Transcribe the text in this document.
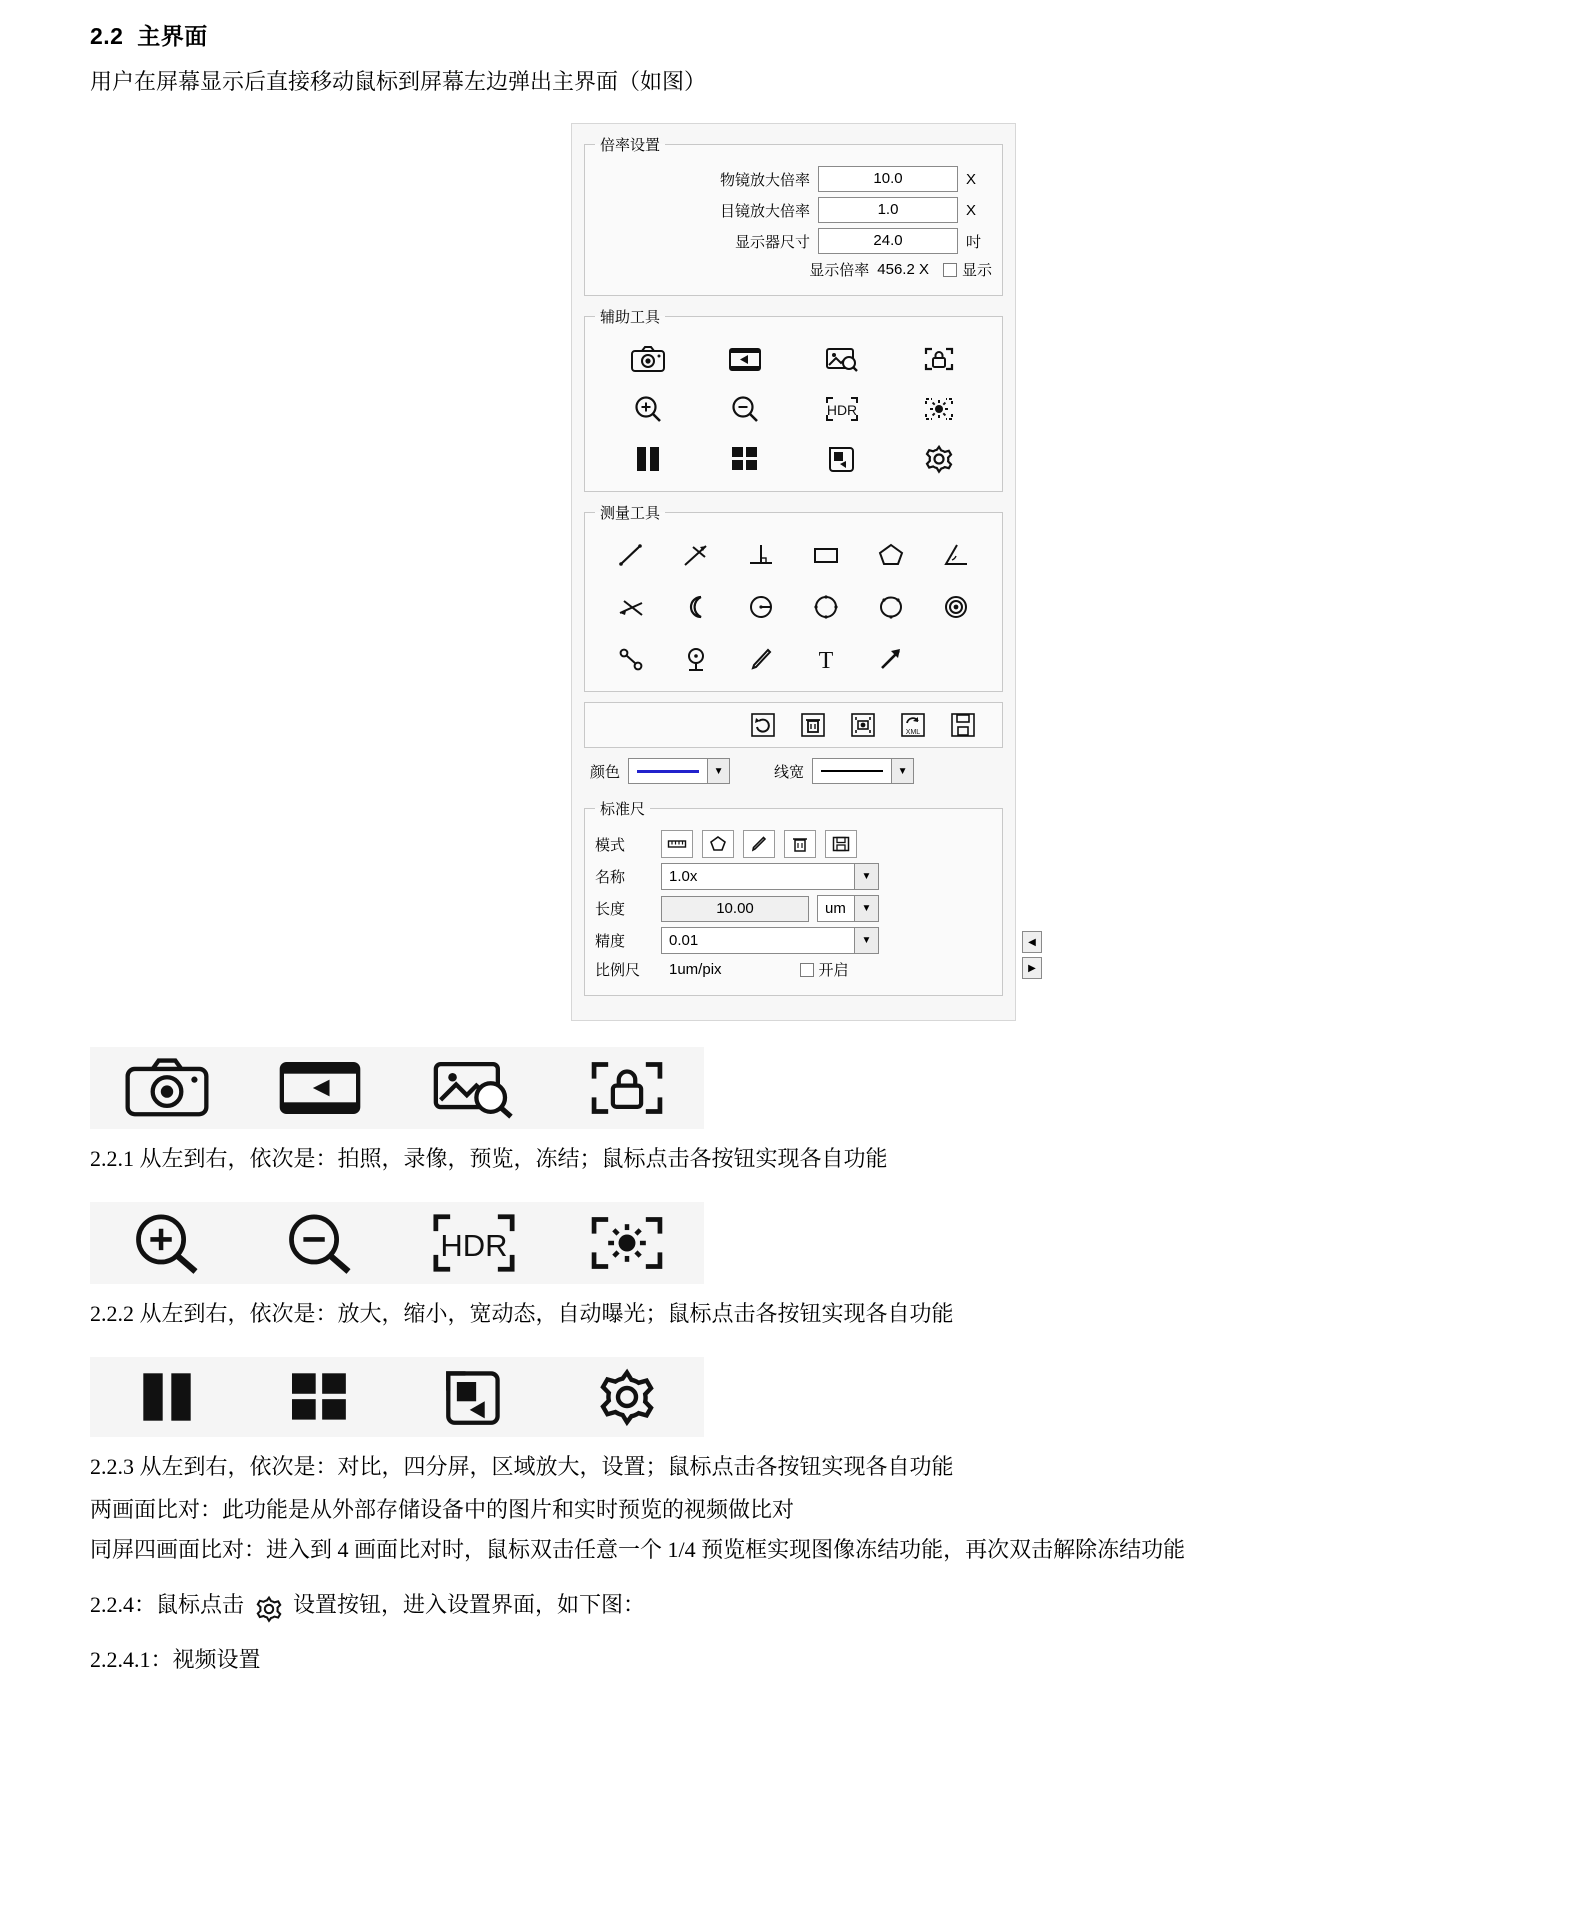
2.2 主界面
用户在屏幕显示后直接移动鼠标到屏幕左边弹出主界面（如图）
倍率设置
物镜放大倍率	10.0	X
目镜放大倍率	1.0	X
显示器尺寸	24.0	吋
显示倍率 456.2 X	显示
辅助工具
HDR
测量工具
T
XML
颜色	▼	线宽	▼
标准尺
模式
名称	1.0x	▼
长度	10.00	um	▼
精度	0.01	▼
比例尺	1um/pix	开启
◀
▶
2.2.1 从左到右，依次是：拍照，录像，预览，冻结；鼠标点击各按钮实现各自功能
HDR
2.2.2 从左到右，依次是：放大，缩小，宽动态，自动曝光；鼠标点击各按钮实现各自功能
2.2.3 从左到右，依次是：对比，四分屏，区域放大，设置；鼠标点击各按钮实现各自功能
两画面比对：此功能是从外部存储设备中的图片和实时预览的视频做比对
同屏四画面比对：进入到 4 画面比对时，鼠标双击任意一个 1/4 预览框实现图像冻结功能，再次双击解除冻结功能
2.2.4：鼠标点击 设置按钮，进入设置界面，如下图：
2.2.4.1：视频设置
